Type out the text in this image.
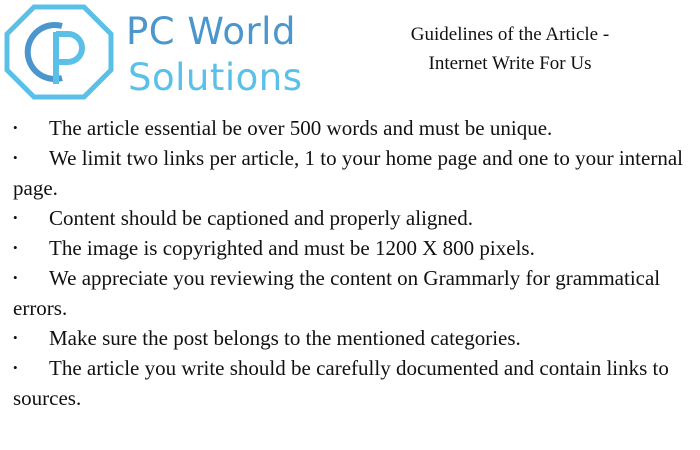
PC World
Solutions
Guidelines of the Article -
Internet Write For Us
• The article essential be over 500 words and must be unique.
• We limit two links per article, 1 to your home page and one to your internal page.
• Content should be captioned and properly aligned.
• The image is copyrighted and must be 1200 X 800 pixels.
• We appreciate you reviewing the content on Grammarly for grammatical errors.
• Make sure the post belongs to the mentioned categories.
• The article you write should be carefully documented and contain links to sources.
